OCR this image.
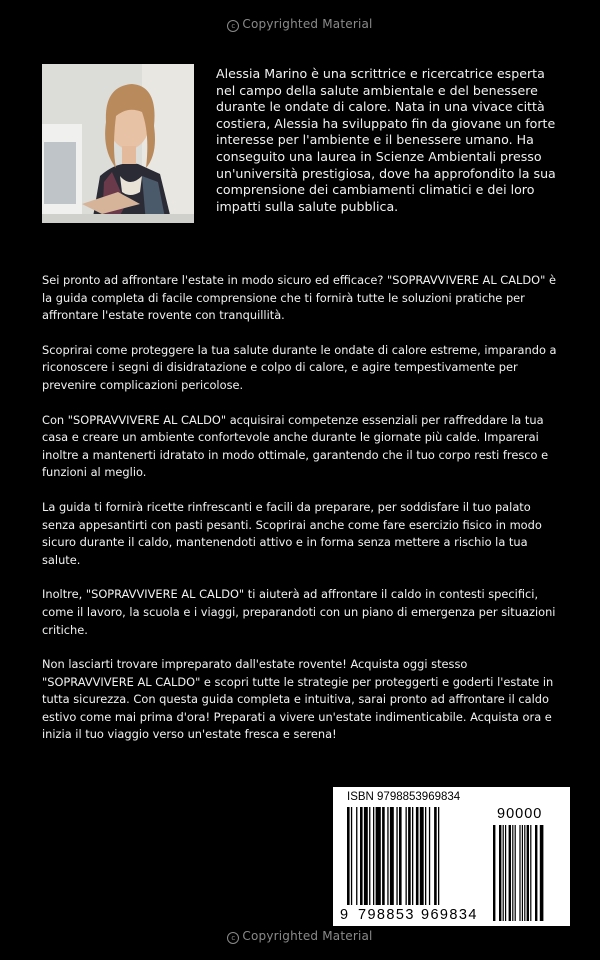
c Copyrighted Material
Alessia Marino è una scrittrice e ricercatrice esperta nel campo della salute ambientale e del benessere durante le ondate di calore. Nata in una vivace città costiera, Alessia ha sviluppato fin da giovane un forte interesse per l'ambiente e il benessere umano. Ha conseguito una laurea in Scienze Ambientali presso un'università prestigiosa, dove ha approfondito la sua comprensione dei cambiamenti climatici e dei loro impatti sulla salute pubblica.

Sei pronto ad affrontare l'estate in modo sicuro ed efficace? "SOPRAVVIVERE AL CALDO" è la guida completa di facile comprensione che ti fornirà tutte le soluzioni pratiche per affrontare l'estate rovente con tranquillità.

Scoprirai come proteggere la tua salute durante le ondate di calore estreme, imparando a riconoscere i segni di disidratazione e colpo di calore, e agire tempestivamente per prevenire complicazioni pericolose.

Con "SOPRAVVIVERE AL CALDO" acquisirai competenze essenziali per raffreddare la tua casa e creare un ambiente confortevole anche durante le giornate più calde. Imparerai inoltre a mantenerti idratato in modo ottimale, garantendo che il tuo corpo resti fresco e funzioni al meglio.

La guida ti fornirà ricette rinfrescanti e facili da preparare, per soddisfare il tuo palato senza appesantirti con pasti pesanti. Scoprirai anche come fare esercizio fisico in modo sicuro durante il caldo, mantenendoti attivo e in forma senza mettere a rischio la tua salute.

Inoltre, "SOPRAVVIVERE AL CALDO" ti aiuterà ad affrontare il caldo in contesti specifici, come il lavoro, la scuola e i viaggi, preparandoti con un piano di emergenza per situazioni critiche.

Non lasciarti trovare impreparato dall'estate rovente! Acquista oggi stesso "SOPRAVVIVERE AL CALDO" e scopri tutte le strategie per proteggerti e goderti l'estate in tutta sicurezza. Con questa guida completa e intuitiva, sarai pronto ad affrontare il caldo estivo come mai prima d'ora! Preparati a vivere un'estate indimenticabile. Acquista ora e inizia il tuo viaggio verso un'estate fresca e serena!

ISBN 9798853969834
90000
9 798853 969834
c Copyrighted Material
